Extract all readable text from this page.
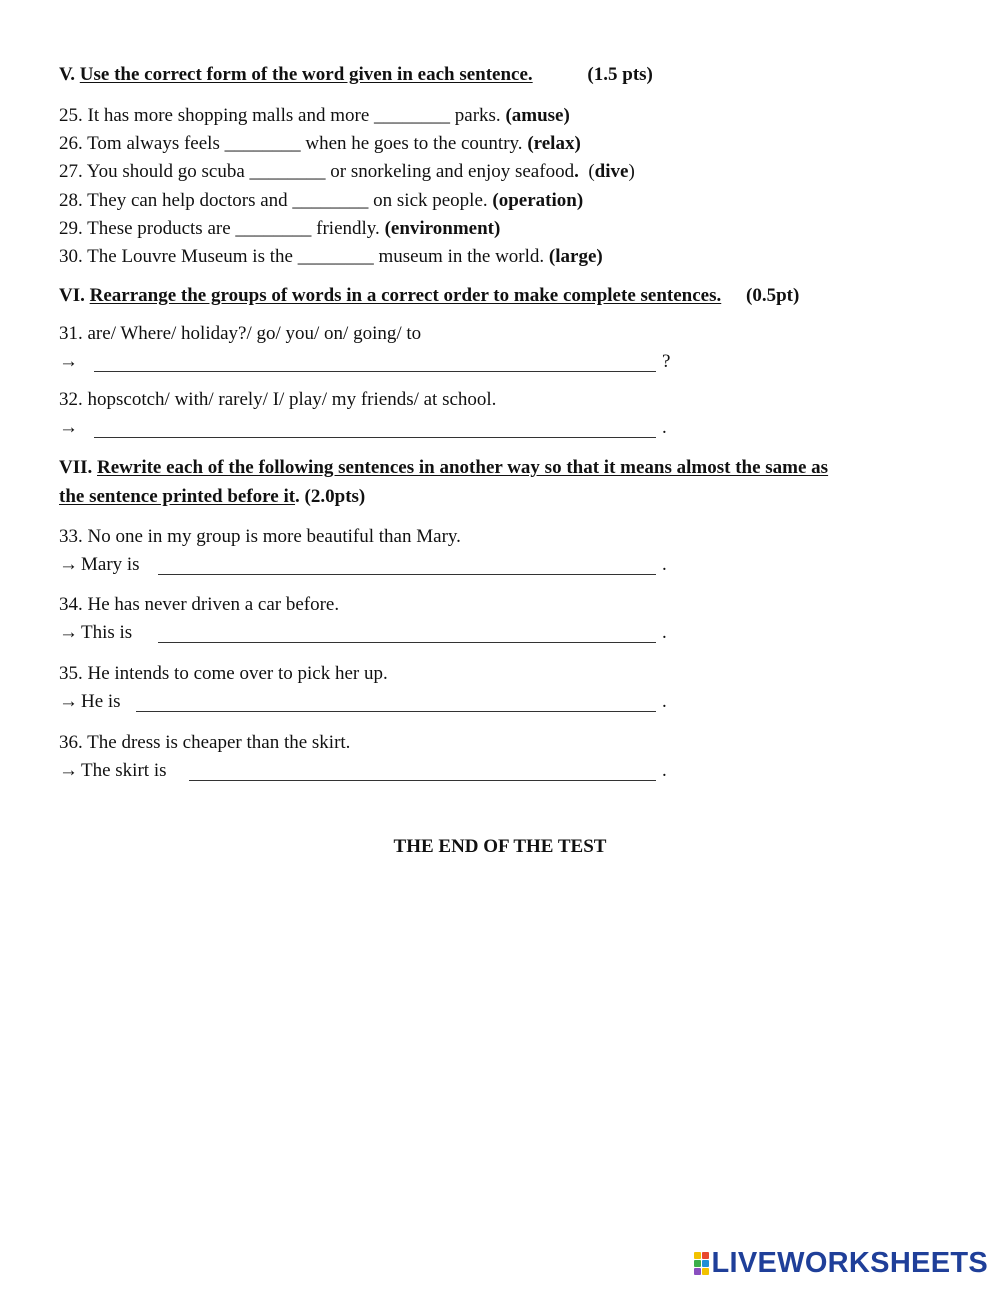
V. Use the correct form of the word given in each sentence.	(1.5 pts)
25. It has more shopping malls and more ________ parks. (amuse)
26. Tom always feels ________ when he goes to the country. (relax)
27. You should go scuba ________ or snorkeling and enjoy seafood.  (dive)
28. They can help doctors and ________ on sick people. (operation)
29. These products are ________ friendly. (environment)
30. The Louvre Museum is the ________ museum in the world. (large)
VI. Rearrange the groups of words in a correct order to make complete sentences. (0.5pt)
31. are/ Where/ holiday?/ go/ you/ on/ going/ to
→	?
32. hopscotch/ with/ rarely/ I/ play/ my friends/ at school.
→	.
VII. Rewrite each of the following sentences in another way so that it means almost the same as
the sentence printed before it. (2.0pts)
33. No one in my group is more beautiful than Mary.
→ Mary is	.
34. He has never driven a car before.
→ This is	.
35. He intends to come over to pick her up.
→ He is	.
36. The dress is cheaper than the skirt.
→ The skirt is	.
THE END OF THE TEST
LIVEWORKSHEETS
